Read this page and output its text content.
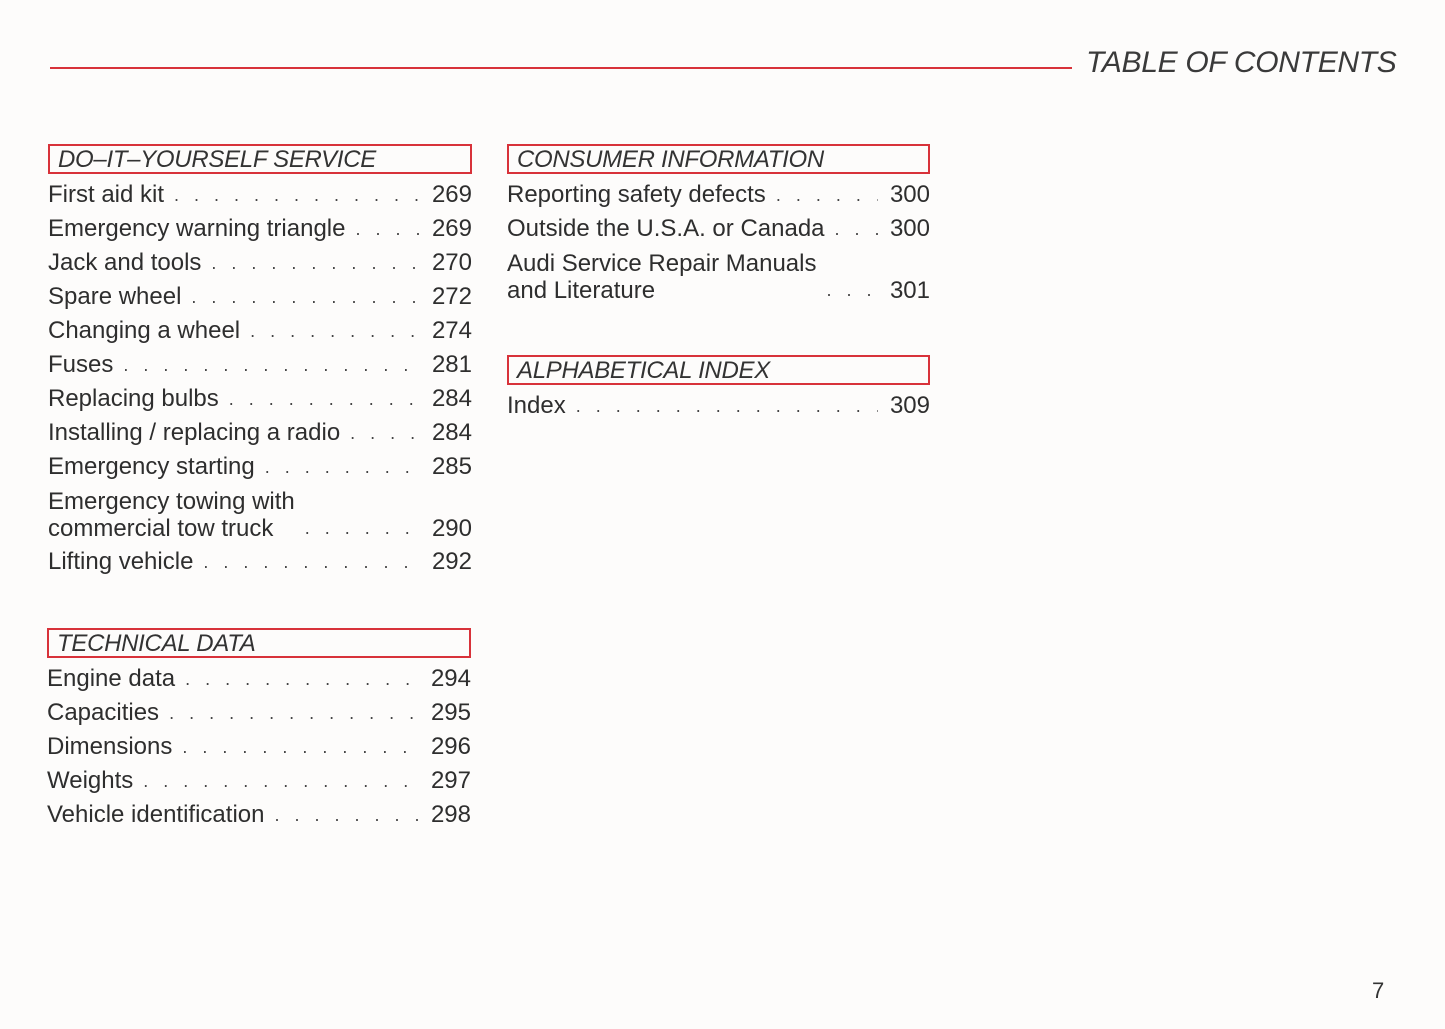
TABLE OF CONTENTS
DO–IT–YOURSELF SERVICE
First aid kit . . .	269
Emergency warning triangle . . .	269
Jack and tools . . .	270
Spare wheel . . .	272
Changing a wheel . . .	274
Fuses . . .	281
Replacing bulbs . . .	284
Installing / replacing a radio . . .	284
Emergency starting . . .	285
Emergency towing with
commercial tow truck . . .	290
Lifting vehicle . . .	292
TECHNICAL DATA
Engine data . . .	294
Capacities . . .	295
Dimensions . . .	296
Weights . . .	297
Vehicle identification . . .	298
CONSUMER INFORMATION
Reporting safety defects . . .	300
Outside the U.S.A. or Canada . . .	300
Audi Service Repair Manuals
and Literature . . .	301
ALPHABETICAL INDEX
Index . . .	309
7
